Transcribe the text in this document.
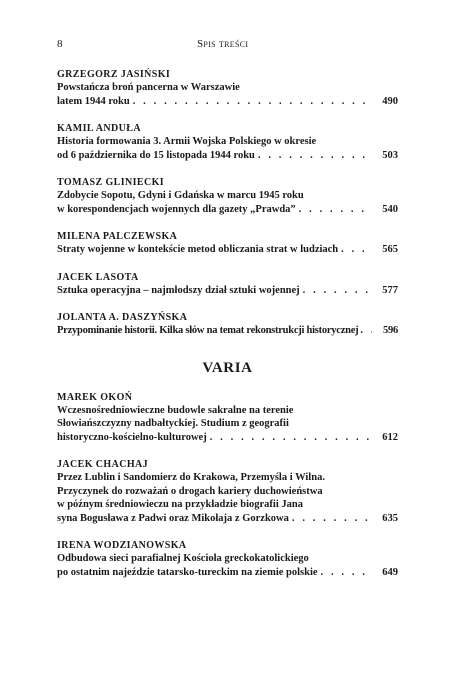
8	Spis treści
GRZEGORZ JASIŃSKI
Powstańcza broń pancerna w Warszawie
latem 1944 roku . . .	490
KAMIL ANDUŁA
Historia formowania 3. Armii Wojska Polskiego w okresie
od 6 października do 15 listopada 1944 roku . . .	503
TOMASZ GLINIECKI
Zdobycie Sopotu, Gdyni i Gdańska w marcu 1945 roku
w korespondencjach wojennych dla gazety „Prawda” . . .	540
MILENA PALCZEWSKA
Straty wojenne w kontekście metod obliczania strat w ludziach . . .	565
JACEK LASOTA
Sztuka operacyjna – najmłodszy dział sztuki wojennej . . .	577
JOLANTA A. DASZYŃSKA
Przypominanie historii. Kilka słów na temat rekonstrukcji historycznej . . .	596
VARIA
MAREK OKOŃ
Wczesnośredniowieczne budowle sakralne na terenie
Słowiańszczyzny nadbałtyckiej. Studium z geografii
historyczno-kościelno-kulturowej . . .	612
JACEK CHACHAJ
Przez Lublin i Sandomierz do Krakowa, Przemyśla i Wilna.
Przyczynek do rozważań o drogach kariery duchowieństwa
w późnym średniowieczu na przykładzie biografii Jana
syna Bogusława z Padwi oraz Mikołaja z Gorzkowa . . .	635
IRENA WODZIANOWSKA
Odbudowa sieci parafialnej Kościoła greckokatolickiego
po ostatnim najeździe tatarsko-tureckim na ziemie polskie . . .	649
